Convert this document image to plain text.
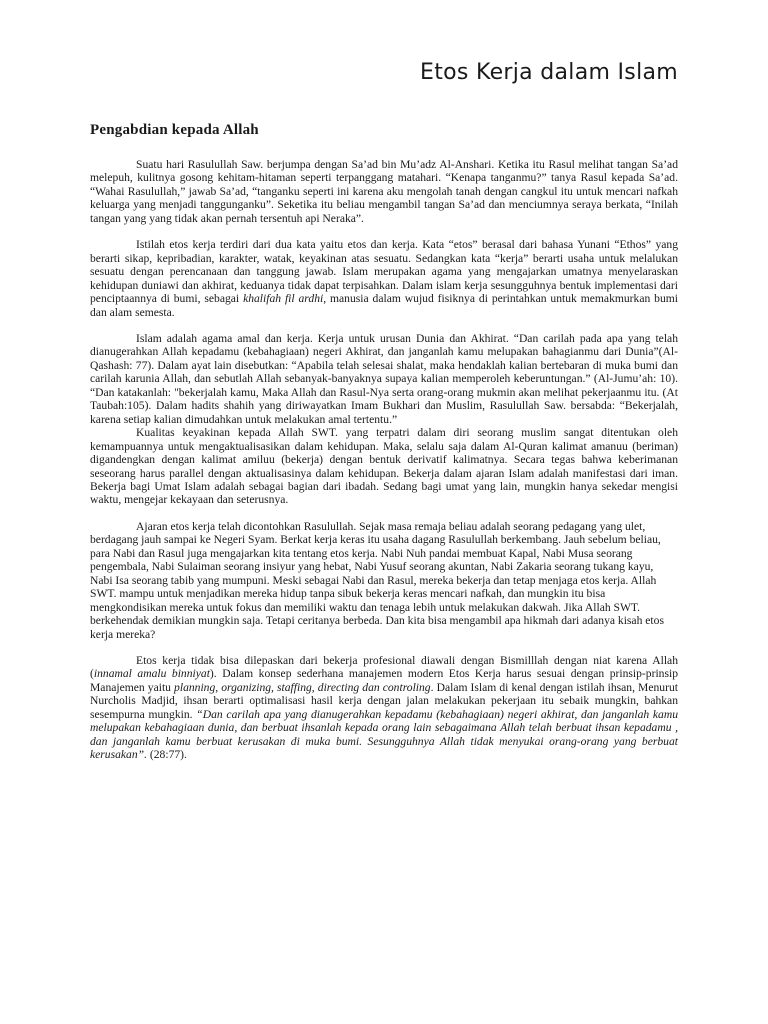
Etos Kerja dalam Islam
Pengabdian kepada Allah

Suatu hari Rasulullah Saw. berjumpa dengan Sa’ad bin Mu’adz Al-Anshari. Ketika itu Rasul melihat tangan Sa’ad melepuh, kulitnya gosong kehitam-hitaman seperti terpanggang matahari. “Kenapa tanganmu?” tanya Rasul kepada Sa’ad. “Wahai Rasulullah,” jawab Sa’ad, “tanganku seperti ini karena aku mengolah tanah dengan cangkul itu untuk mencari nafkah keluarga yang menjadi tanggunganku”. Seketika itu beliau mengambil tangan Sa’ad dan menciumnya seraya berkata, “Inilah tangan yang yang tidak akan pernah tersentuh api Neraka”.

Istilah etos kerja terdiri dari dua kata yaitu etos dan kerja. Kata “etos” berasal dari bahasa Yunani “Ethos” yang berarti sikap, kepribadian, karakter, watak, keyakinan atas sesuatu. Sedangkan kata “kerja” berarti usaha untuk melalukan sesuatu dengan perencanaan dan tanggung jawab. Islam merupakan agama yang mengajarkan umatnya menyelaraskan kehidupan duniawi dan akhirat, keduanya tidak dapat terpisahkan. Dalam islam kerja sesungguhnya bentuk implementasi dari penciptaannya di bumi, sebagai khalifah fil ardhi, manusia dalam wujud fisiknya di perintahkan untuk memakmurkan bumi dan alam semesta.

Islam adalah agama amal dan kerja. Kerja untuk urusan Dunia dan Akhirat. “Dan carilah pada apa yang telah dianugerahkan Allah kepadamu (kebahagiaan) negeri Akhirat, dan janganlah kamu melupakan bahagianmu dari Dunia”(Al-Qashash: 77). Dalam ayat lain disebutkan: “Apabila telah selesai shalat, maka hendaklah kalian bertebaran di muka bumi dan carilah karunia Allah, dan sebutlah Allah sebanyak-banyaknya supaya kalian memperoleh keberuntungan.” (Al-Jumu’ah: 10). “Dan katakanlah: "bekerjalah kamu, Maka Allah dan Rasul-Nya serta orang-orang mukmin akan melihat pekerjaanmu itu. (At Taubah:105). Dalam hadits shahih yang diriwayatkan Imam Bukhari dan Muslim, Rasulullah Saw. bersabda: “Bekerjalah, karena setiap kalian dimudahkan untuk melakukan amal tertentu.”

Kualitas keyakinan kepada Allah SWT. yang terpatri dalam diri seorang muslim sangat ditentukan oleh kemampuannya untuk mengaktualisasikan dalam kehidupan. Maka, selalu saja dalam Al-Quran kalimat amanuu (beriman) digandengkan dengan kalimat amiluu (bekerja) dengan bentuk derivatif kalimatnya. Secara tegas bahwa keberimanan seseorang harus parallel dengan aktualisasinya dalam kehidupan. Bekerja dalam ajaran Islam adalah manifestasi dari iman. Bekerja bagi Umat Islam adalah sebagai bagian dari ibadah. Sedang bagi umat yang lain, mungkin hanya sekedar mengisi waktu, mengejar kekayaan dan seterusnya.

Ajaran etos kerja telah dicontohkan Rasulullah. Sejak masa remaja beliau adalah seorang pedagang yang ulet, berdagang jauh sampai ke Negeri Syam. Berkat kerja keras itu usaha dagang Rasulullah berkembang. Jauh sebelum beliau, para Nabi dan Rasul juga mengajarkan kita tentang etos kerja. Nabi Nuh pandai membuat Kapal, Nabi Musa seorang pengembala, Nabi Sulaiman seorang insiyur yang hebat, Nabi Yusuf seorang akuntan, Nabi Zakaria seorang tukang kayu, Nabi Isa seorang tabib yang mumpuni. Meski sebagai Nabi dan Rasul, mereka bekerja dan tetap menjaga etos kerja. Allah SWT. mampu untuk menjadikan mereka hidup tanpa sibuk bekerja keras mencari nafkah, dan mungkin itu bisa mengkondisikan mereka untuk fokus dan memiliki waktu dan tenaga lebih untuk melakukan dakwah. Jika Allah SWT. berkehendak demikian mungkin saja. Tetapi ceritanya berbeda. Dan kita bisa mengambil apa hikmah dari adanya kisah etos kerja mereka?

Etos kerja tidak bisa dilepaskan dari bekerja profesional diawali dengan Bismilllah dengan niat karena Allah (innamal amalu binniyat). Dalam konsep sederhana manajemen modern Etos Kerja harus sesuai dengan prinsip-prinsip Manajemen yaitu planning, organizing, staffing, directing dan controling. Dalam Islam di kenal dengan istilah ihsan, Menurut Nurcholis Madjid, ihsan berarti optimalisasi hasil kerja dengan jalan melakukan pekerjaan itu sebaik mungkin, bahkan sesempurna mungkin. “Dan carilah apa yang dianugerahkan kepadamu (kebahagiaan) negeri akhirat, dan janganlah kamu melupakan kebahagiaan dunia, dan berbuat ihsanlah kepada orang lain sebagaimana Allah telah berbuat ihsan kepadamu , dan janganlah kamu berbuat kerusakan di muka bumi. Sesungguhnya Allah tidak menyukai orang-orang yang berbuat kerusakan”. (28:77).
